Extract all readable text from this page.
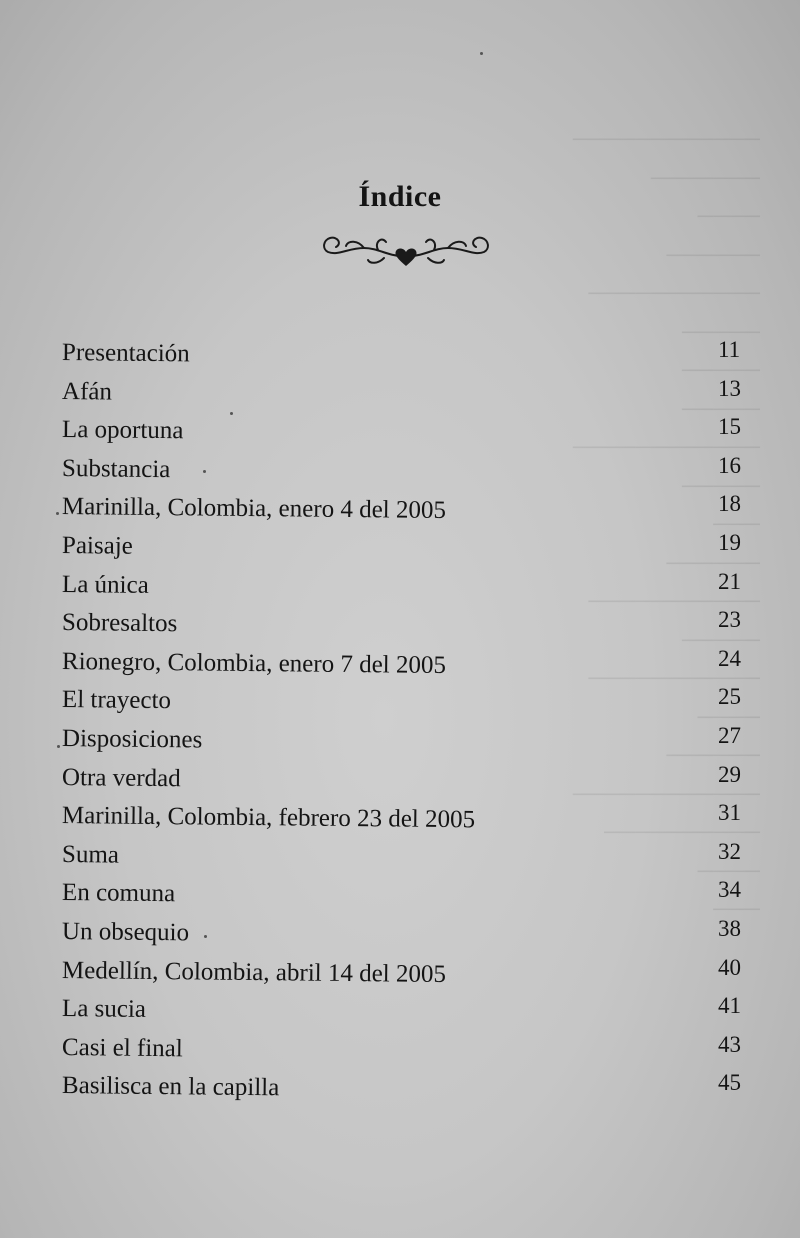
────────────
───────
────
──────
───────────
─────
─────
─────
────────────
─────
───
──────
───────────
─────
───────────
────
──────
────────────
──────────
────
───
Índice
Presentación	11
Afán	13
La oportuna	15
Substancia	16
Marinilla, Colombia, enero 4 del 2005	18
Paisaje	19
La única	21
Sobresaltos	23
Rionegro, Colombia, enero 7 del 2005	24
El trayecto	25
Disposiciones	27
Otra verdad	29
Marinilla, Colombia, febrero 23 del 2005	31
Suma	32
En comuna	34
Un obsequio	38
Medellín, Colombia, abril 14 del 2005	40
La sucia	41
Casi el final	43
Basilisca en la capilla	45
